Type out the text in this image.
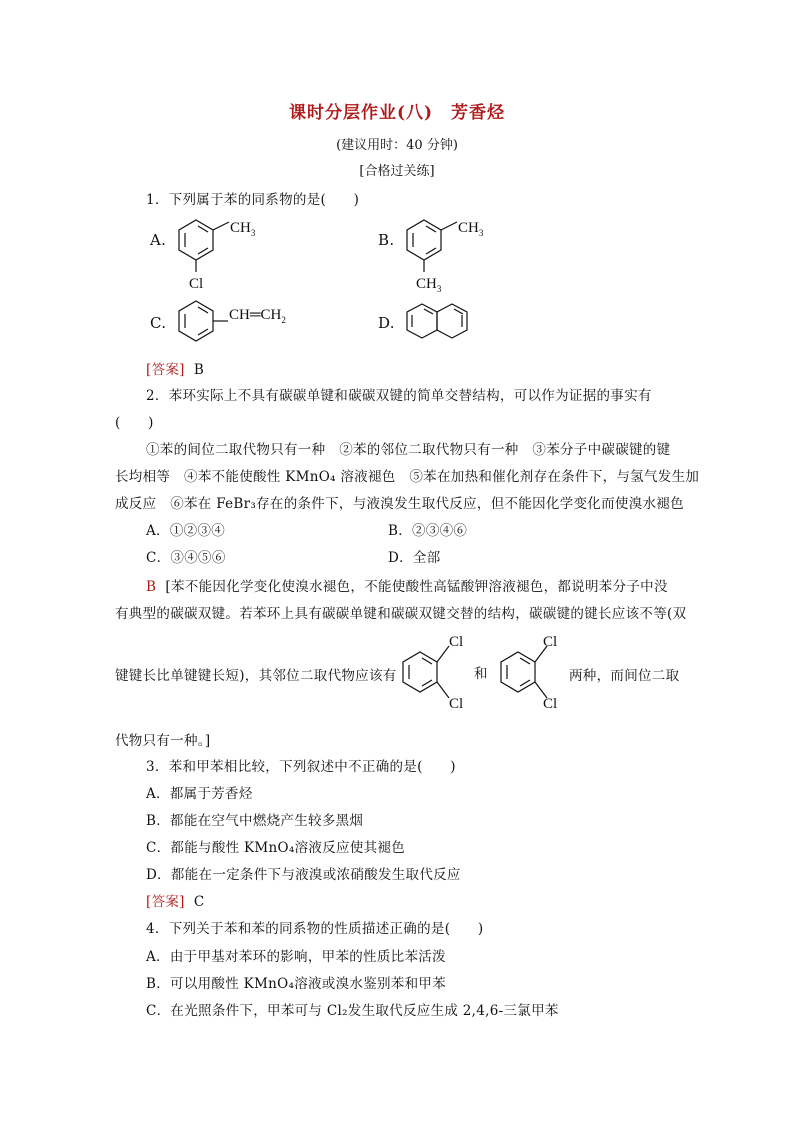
课时分层作业(八)　芳香烃
(建议用时：40 分钟)
[合格过关练]
1．下列属于苯的同系物的是(　　)
A.
$CH_3$
Cl
B.
$CH_3$
$CH_3$
C.	$CH═CH_2$	D.
[答案] B
2．苯环实际上不具有碳碳单键和碳碳双键的简单交替结构，可以作为证据的事实有
(　　)
①苯的间位二取代物只有一种　②苯的邻位二取代物只有一种　③苯分子中碳碳键的键
长均相等　④苯不能使酸性 KMnO₄ 溶液褪色　⑤苯在加热和催化剂存在条件下，与氢气发生加
成反应　⑥苯在 FeBr₃存在的条件下，与液溴发生取代反应，但不能因化学变化而使溴水褪色
A．①②③④	B．②③④⑥
C．③④⑤⑥	D．全部
B [苯不能因化学变化使溴水褪色，不能使酸性高锰酸钾溶液褪色，都说明苯分子中没
有典型的碳碳双键。若苯环上具有碳碳单键和碳碳双键交替的结构，碳碳键的键长应该不等(双
键键长比单键键长短)，其邻位二取代物应该有
Cl
Cl
和
Cl
Cl
两种，而间位二取
代物只有一种。]
3．苯和甲苯相比较，下列叙述中不正确的是(　　)
A．都属于芳香烃
B．都能在空气中燃烧产生较多黑烟
C．都能与酸性 KMnO₄溶液反应使其褪色
D．都能在一定条件下与液溴或浓硝酸发生取代反应
[答案] C
4．下列关于苯和苯的同系物的性质描述正确的是(　　)
A．由于甲基对苯环的影响，甲苯的性质比苯活泼
B．可以用酸性 KMnO₄溶液或溴水鉴别苯和甲苯
C．在光照条件下，甲苯可与 Cl₂发生取代反应生成 2,4,6-三氯甲苯
